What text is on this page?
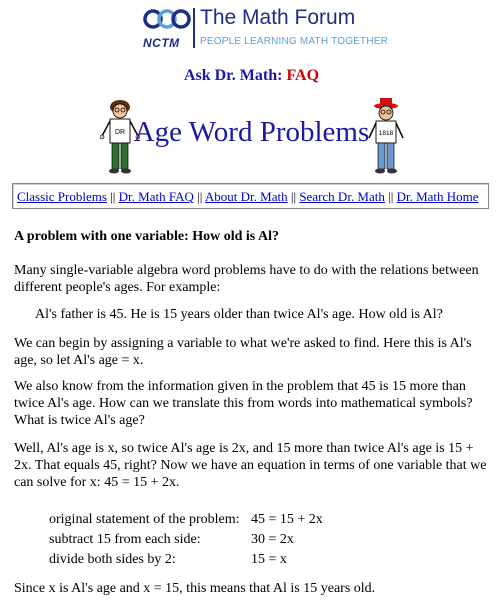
NCTM
The Math Forum
PEOPLE LEARNING MATH TOGETHER
Ask Dr. Math: FAQ
DR Age Word Problems	1818
Classic Problems || Dr. Math FAQ || About Dr. Math || Search Dr. Math || Dr. Math Home
A problem with one variable: How old is Al?

Many single-variable algebra word problems have to do with the relations between different people's ages. For example:

Al's father is 45. He is 15 years older than twice Al's age. How old is Al?

We can begin by assigning a variable to what we're asked to find. Here this is Al's age, so let Al's age = x.

We also know from the information given in the problem that 45 is 15 more than twice Al's age. How can we translate this from words into mathematical symbols? What is twice Al's age?

Well, Al's age is x, so twice Al's age is 2x, and 15 more than twice Al's age is 15 + 2x. That equals 45, right? Now we have an equation in terms of one variable that we can solve for x: 45 = 15 + 2x.

original statement of the problem: 45 = 15 + 2x
subtract 15 from each side:	30 = 2x
divide both sides by 2:	15 = x

Since x is Al's age and x = 15, this means that Al is 15 years old.
